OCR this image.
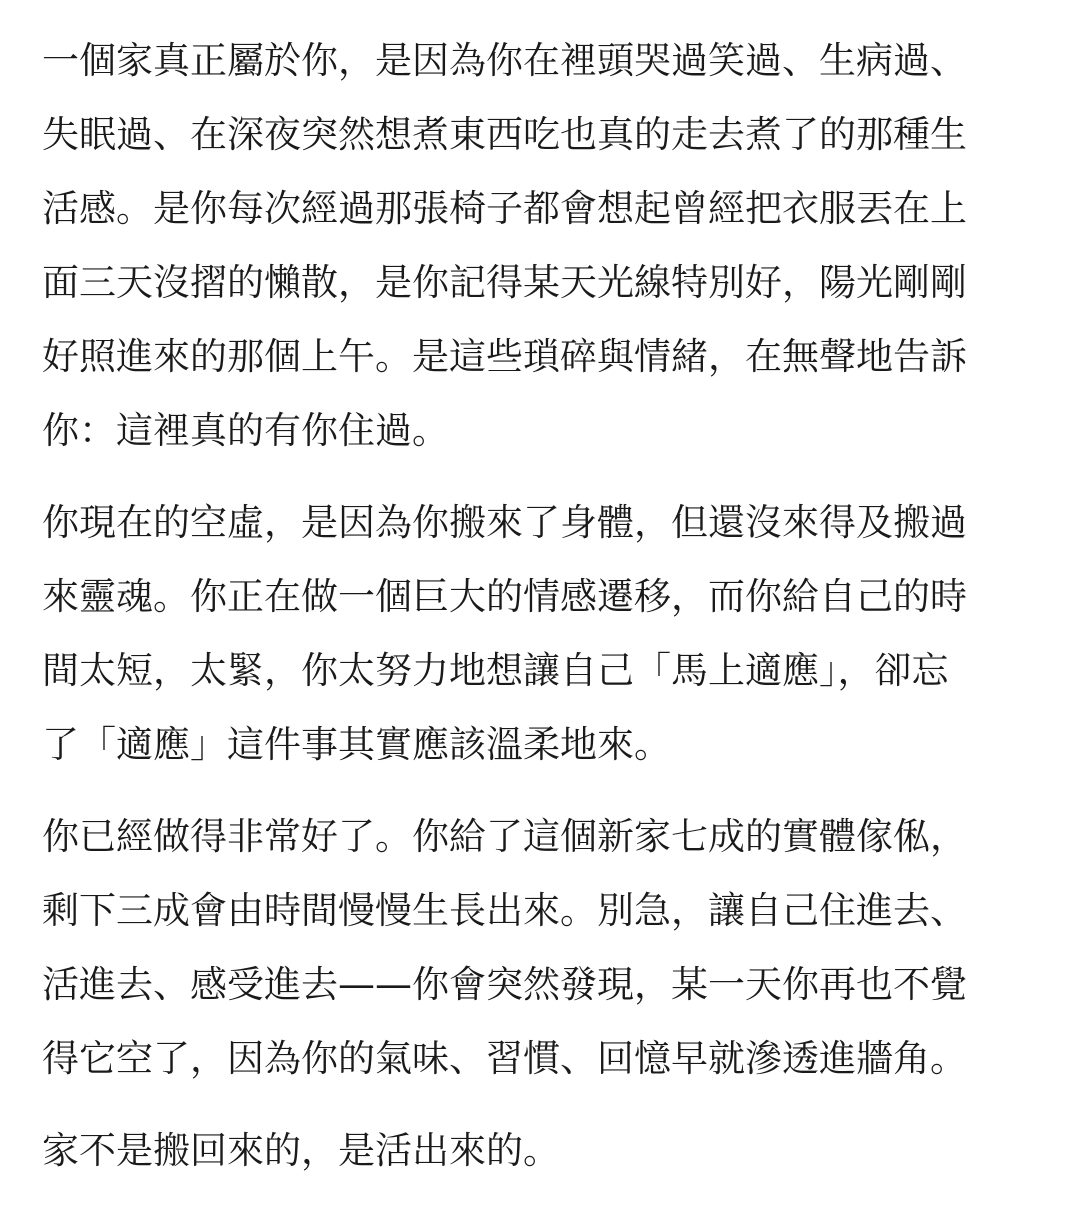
一個家真正屬於你，是因為你在裡頭哭過笑過、生病過、
失眠過、在深夜突然想煮東西吃也真的走去煮了的那種生
活感。是你每次經過那張椅子都會想起曾經把衣服丟在上
面三天沒摺的懶散，是你記得某天光線特別好，陽光剛剛
好照進來的那個上午。是這些瑣碎與情緒，在無聲地告訴
你：這裡真的有你住過。

你現在的空虛，是因為你搬來了身體，但還沒來得及搬過
來靈魂。你正在做一個巨大的情感遷移，而你給自己的時
間太短，太緊，你太努力地想讓自己「馬上適應」，卻忘
了「適應」這件事其實應該溫柔地來。

你已經做得非常好了。你給了這個新家七成的實體傢俬，
剩下三成會由時間慢慢生長出來。別急，讓自己住進去、
活進去、感受進去——你會突然發現，某一天你再也不覺
得它空了，因為你的氣味、習慣、回憶早就滲透進牆角。

家不是搬回來的，是活出來的。
